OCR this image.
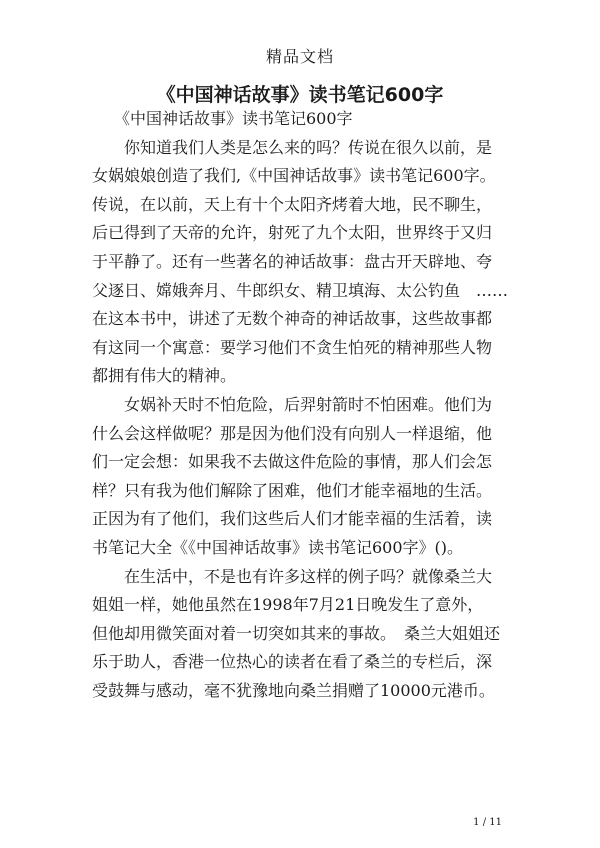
精品文档
《中国神话故事》读书笔记600字
《中国神话故事》读书笔记600字
你知道我们人类是怎么来的吗？传说在很久以前，是
女娲娘娘创造了我们,《中国神话故事》读书笔记600字。
传说，在以前，天上有十个太阳齐烤着大地，民不聊生，
后已得到了天帝的允许，射死了九个太阳，世界终于又归
于平静了。还有一些著名的神话故事：盘古开天辟地、夸
父逐日、嫦娥奔月、牛郎织女、精卫填海、太公钓鱼　……
在这本书中，讲述了无数个神奇的神话故事，这些故事都
有这同一个寓意：要学习他们不贪生怕死的精神那些人物
都拥有伟大的精神。
女娲补天时不怕危险，后羿射箭时不怕困难。他们为
什么会这样做呢？那是因为他们没有向别人一样退缩，他
们一定会想：如果我不去做这件危险的事情，那人们会怎
样？只有我为他们解除了困难，他们才能幸福地的生活。
正因为有了他们，我们这些后人们才能幸福的生活着，读
书笔记大全《《中国神话故事》读书笔记600字》()。
在生活中，不是也有许多这样的例子吗？就像桑兰大
姐姐一样，她他虽然在1998年7月21日晚发生了意外，
但他却用微笑面对着一切突如其来的事故。　桑兰大姐姐还
乐于助人，香港一位热心的读者在看了桑兰的专栏后，深
受鼓舞与感动，毫不犹豫地向桑兰捐赠了10000元港币。
1 / 11
